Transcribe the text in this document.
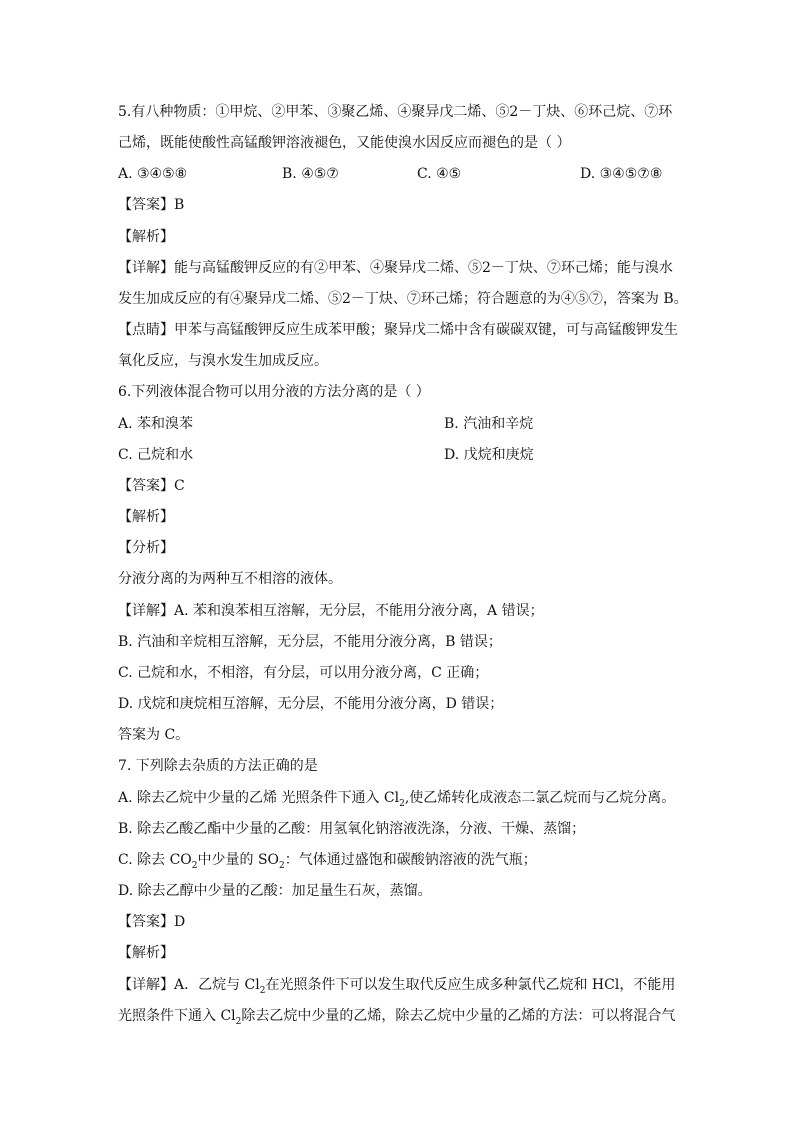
5.有八种物质：①甲烷、②甲苯、③聚乙烯、④聚异戊二烯、⑤2－丁炔、⑥环己烷、⑦环
己烯，既能使酸性高锰酸钾溶液褪色，又能使溴水因反应而褪色的是（ ）
A. ③④⑤⑧	B. ④⑤⑦	C. ④⑤	D. ③④⑤⑦⑧
【答案】B
【解析】
【详解】能与高锰酸钾反应的有②甲苯、④聚异戊二烯、⑤2－丁炔、⑦环己烯；能与溴水
发生加成反应的有④聚异戊二烯、⑤2－丁炔、⑦环己烯；符合题意的为④⑤⑦，答案为 B。
【点睛】甲苯与高锰酸钾反应生成苯甲酸；聚异戊二烯中含有碳碳双键，可与高锰酸钾发生
氧化反应，与溴水发生加成反应。
6.下列液体混合物可以用分液的方法分离的是（ ）
A. 苯和溴苯	B. 汽油和辛烷
C. 己烷和水	D. 戊烷和庚烷
【答案】C
【解析】
【分析】
分液分离的为两种互不相溶的液体。
【详解】A. 苯和溴苯相互溶解，无分层，不能用分液分离，A 错误；
B. 汽油和辛烷相互溶解，无分层，不能用分液分离，B 错误；
C. 己烷和水，不相溶，有分层，可以用分液分离，C 正确；
D. 戊烷和庚烷相互溶解，无分层，不能用分液分离，D 错误；
答案为 C。
7. 下列除去杂质的方法正确的是
A. 除去乙烷中少量的乙烯 光照条件下通入 $Cl_2$,使乙烯转化成液态二氯乙烷而与乙烷分离。
B. 除去乙酸乙酯中少量的乙酸：用氢氧化钠溶液洗涤，分液、干燥、蒸馏；
C. 除去 $CO_2$中少量的 $SO_2$：气体通过盛饱和碳酸钠溶液的洗气瓶；
D. 除去乙醇中少量的乙酸：加足量生石灰，蒸馏。
【答案】D
【解析】
【详解】A．乙烷与 $Cl_2$在光照条件下可以发生取代反应生成多种氯代乙烷和 HCl，不能用
光照条件下通入 $Cl_2$除去乙烷中少量的乙烯，除去乙烷中少量的乙烯的方法：可以将混合气
